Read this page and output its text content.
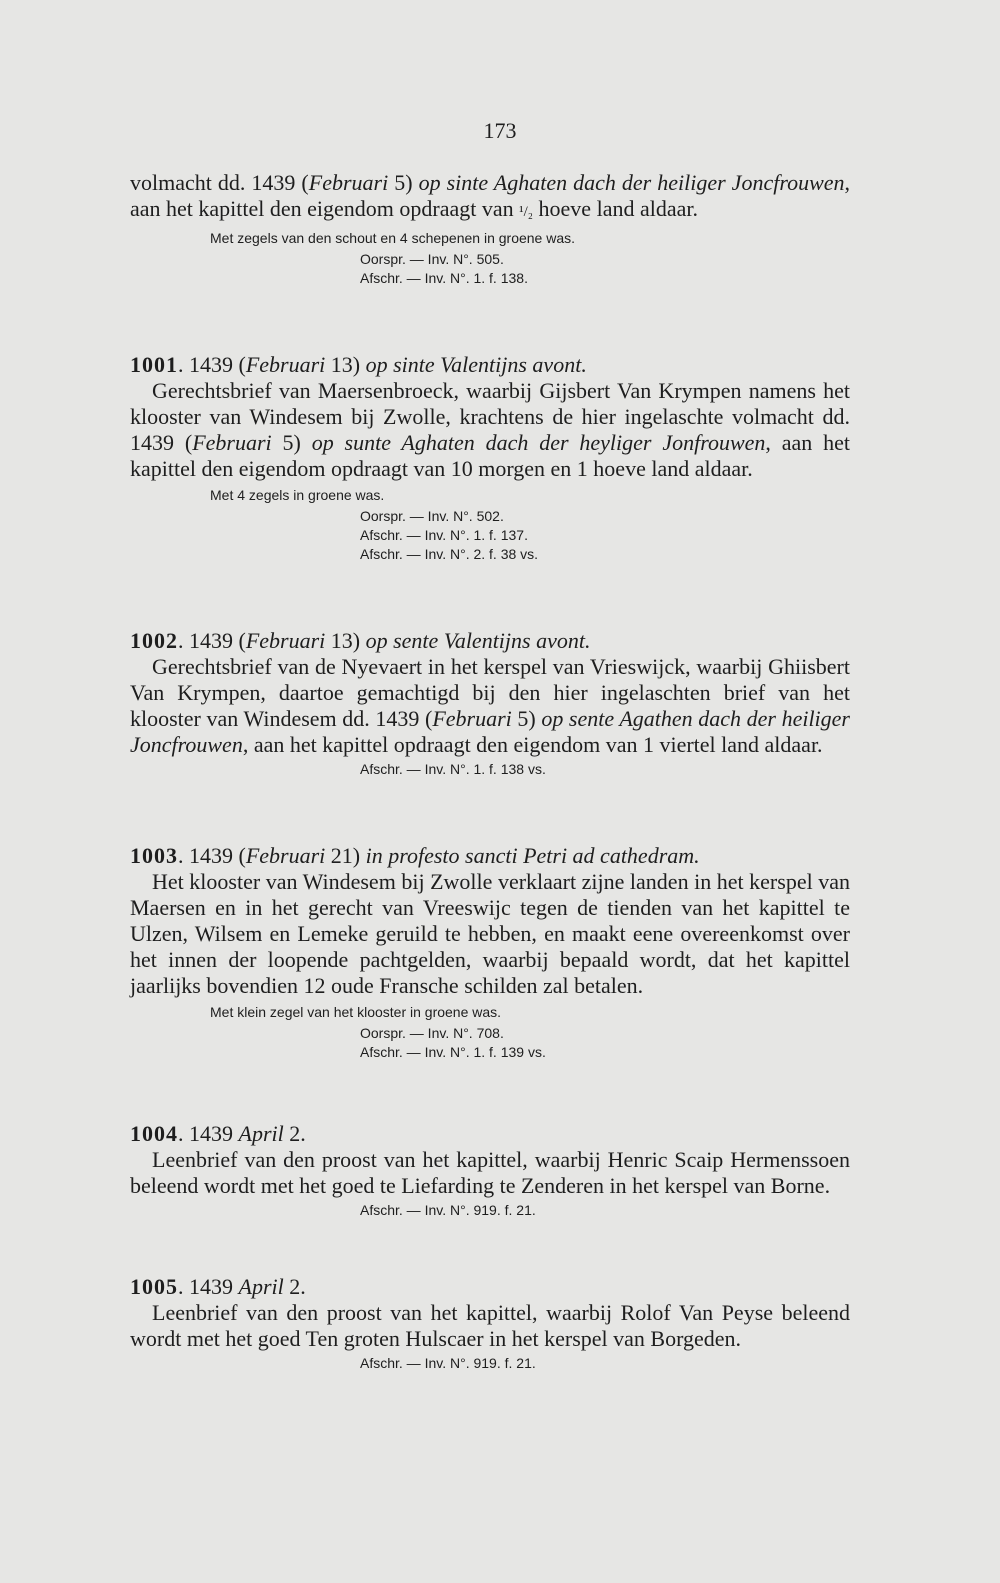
173

volmacht dd. 1439 (Februari 5) op sinte Aghaten dach der heiliger Joncfrouwen, aan het kapittel den eigendom opdraagt van ¹/₂ hoeve land aldaar.

Met zegels van den schout en 4 schepenen in groene was.
Oorspr. — Inv. N°. 505.
Afschr. — Inv. N°. 1. f. 138.
1001. 1439 (Februari 13) op sinte Valentijns avont.

Gerechtsbrief van Maersenbroeck, waarbij Gijsbert Van Krympen namens het klooster van Windesem bij Zwolle, krachtens de hier ingelaschte volmacht dd. 1439 (Februari 5) op sunte Aghaten dach der heyliger Jonfrouwen, aan het kapittel den eigendom opdraagt van 10 morgen en 1 hoeve land aldaar.

Met 4 zegels in groene was.
Oorspr. — Inv. N°. 502.
Afschr. — Inv. N°. 1. f. 137.
Afschr. — Inv. N°. 2. f. 38 vs.
1002. 1439 (Februari 13) op sente Valentijns avont.

Gerechtsbrief van de Nyevaert in het kerspel van Vrieswijck, waarbij Ghiisbert Van Krympen, daartoe gemachtigd bij den hier ingelaschten brief van het klooster van Windesem dd. 1439 (Februari 5) op sente Agathen dach der heiliger Joncfrouwen, aan het kapittel opdraagt den eigendom van 1 viertel land aldaar.

Afschr. — Inv. N°. 1. f. 138 vs.
1003. 1439 (Februari 21) in profesto sancti Petri ad cathedram.

Het klooster van Windesem bij Zwolle verklaart zijne landen in het kerspel van Maersen en in het gerecht van Vreeswijc tegen de tienden van het kapittel te Ulzen, Wilsem en Lemeke geruild te hebben, en maakt eene overeenkomst over het innen der loopende pachtgelden, waarbij bepaald wordt, dat het kapittel jaarlijks bovendien 12 oude Fransche schilden zal betalen.

Met klein zegel van het klooster in groene was.
Oorspr. — Inv. N°. 708.
Afschr. — Inv. N°. 1. f. 139 vs.
1004. 1439 April 2.

Leenbrief van den proost van het kapittel, waarbij Henric Scaip Hermenssoen beleend wordt met het goed te Liefarding te Zenderen in het kerspel van Borne.

Afschr. — Inv. N°. 919. f. 21.
1005. 1439 April 2.

Leenbrief van den proost van het kapittel, waarbij Rolof Van Peyse beleend wordt met het goed Ten groten Hulscaer in het kerspel van Borgeden.

Afschr. — Inv. N°. 919. f. 21.
